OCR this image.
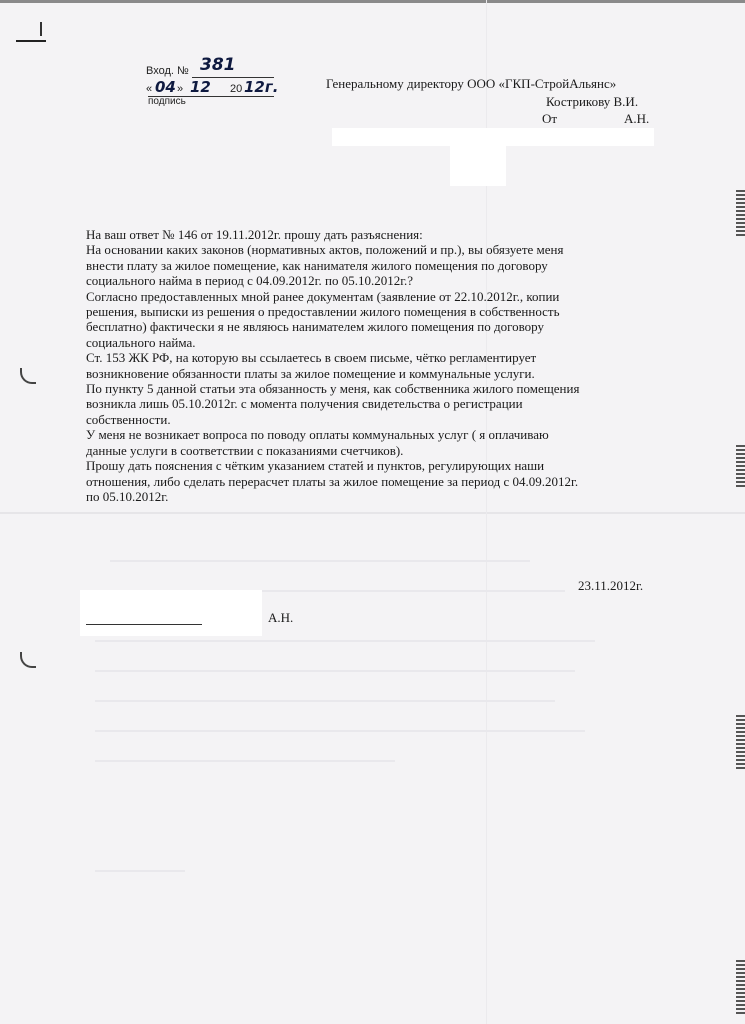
Вход. № 381
« 04 » 12 20 12г.
подпись
Генеральному директору ООО «ГКП-СтройАльянс»
Кострикову В.И.
От	А.Н.

На ваш ответ № 146 от 19.11.2012г. прошу дать разъяснения:

На основании каких законов (нормативных актов, положений и пр.), вы обязуете меня

внести плату за жилое помещение, как нанимателя жилого помещения по договору

социального найма в период с 04.09.2012г. по 05.10.2012г.?

Согласно предоставленных мной ранее документам (заявление от 22.10.2012г., копии

решения, выписки из решения о предоставлении жилого помещения в собственность

бесплатно) фактически я не являюсь нанимателем жилого помещения по договору

социального найма.

Ст. 153 ЖК РФ, на которую вы ссылаетесь в своем письме, чётко регламентирует

возникновение обязанности платы за жилое помещение и коммунальные услуги.

По пункту 5 данной статьи эта обязанность у меня, как собственника жилого помещения

возникла лишь 05.10.2012г. с момента получения свидетельства о регистрации

собственности.

У меня не возникает вопроса по поводу оплаты коммунальных услуг ( я оплачиваю

данные услуги в соответствии с показаниями счетчиков).

Прошу дать пояснения с чётким указанием статей и пунктов, регулирующих наши

отношения, либо сделать перерасчет платы за жилое помещение за период с 04.09.2012г.

по 05.10.2012г.

23.11.2012г.
А.Н.
